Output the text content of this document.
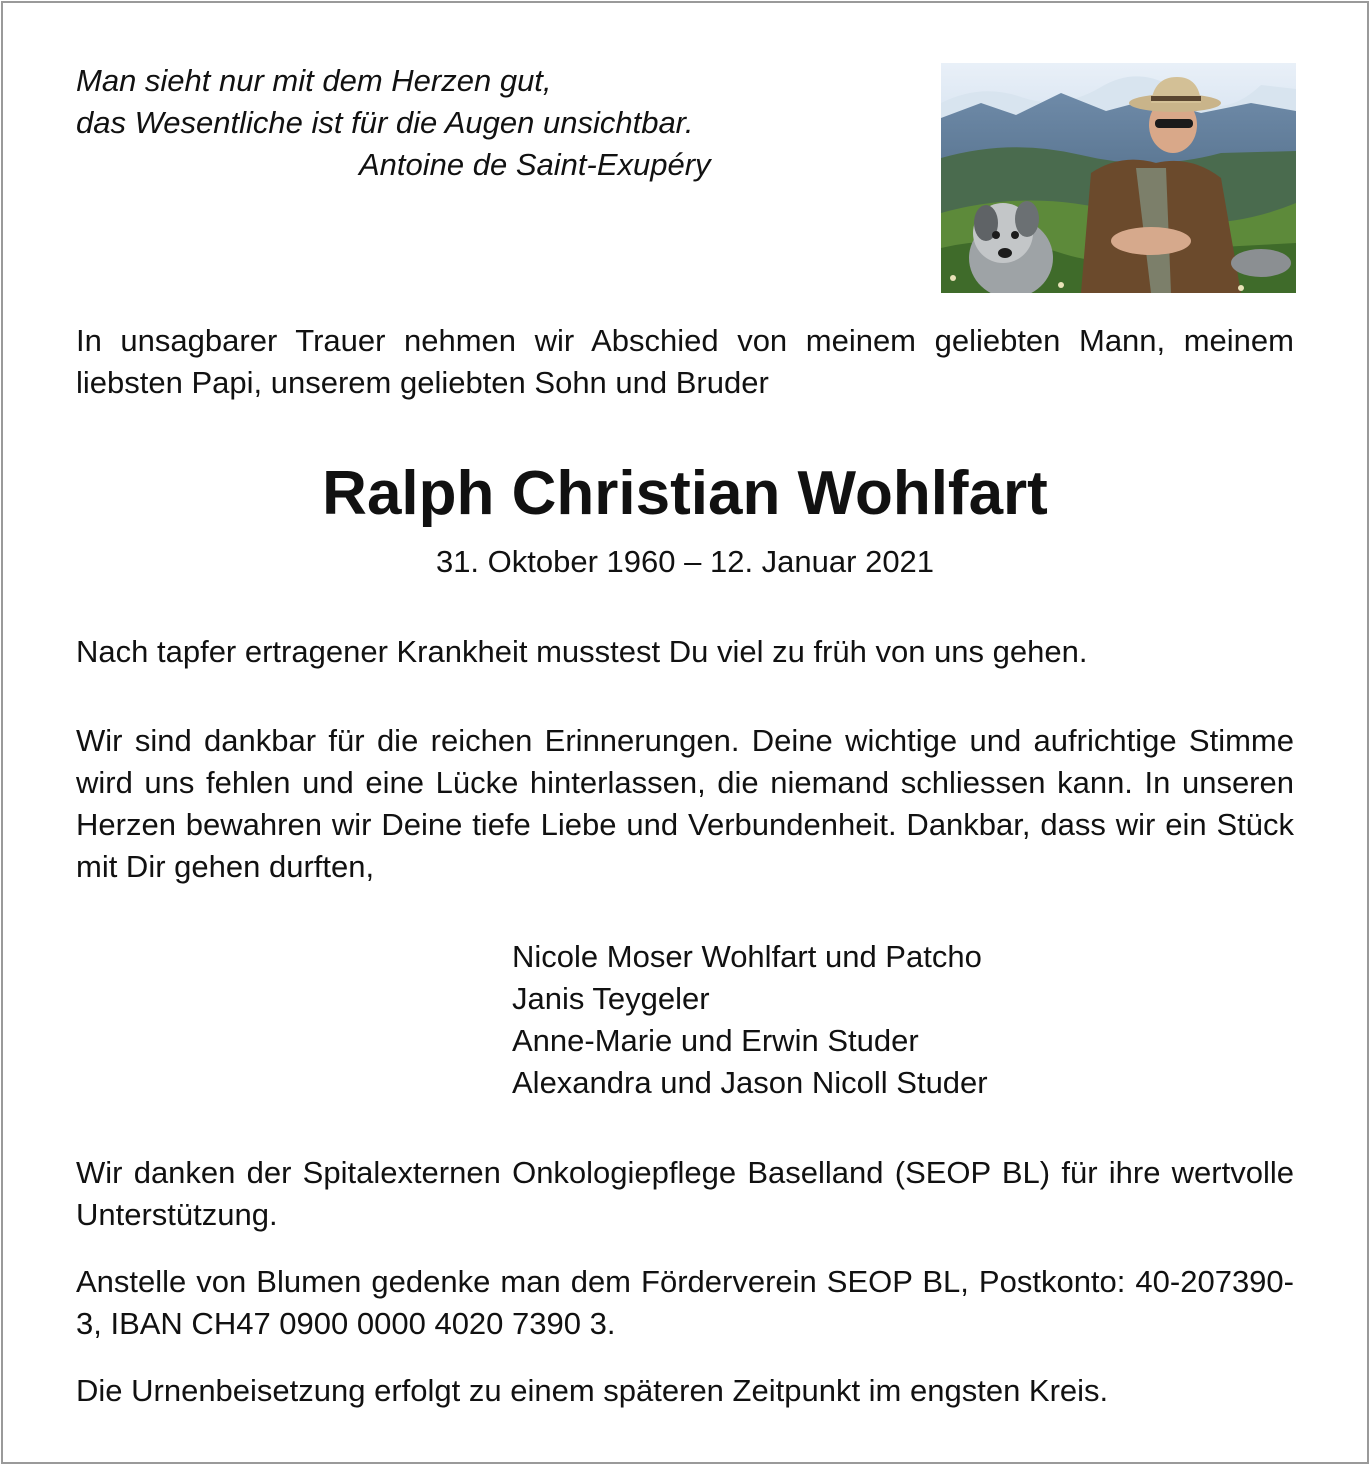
Man sieht nur mit dem Herzen gut,
das Wesentliche ist für die Augen unsichtbar.
Antoine de Saint-Exupéry
In unsagbarer Trauer nehmen wir Abschied von meinem geliebten Mann, meinem liebsten Papi, unserem geliebten Sohn und Bruder
Ralph Christian Wohlfart
31. Oktober 1960 – 12. Januar 2021
Nach tapfer ertragener Krankheit musstest Du viel zu früh von uns gehen.
Wir sind dankbar für die reichen Erinnerungen. Deine wichtige und aufrichtige Stimme wird uns fehlen und eine Lücke hinterlassen, die niemand schliessen kann. In unseren Herzen bewahren wir Deine tiefe Liebe und Verbundenheit. Dankbar, dass wir ein Stück mit Dir gehen durften,
Nicole Moser Wohlfart und Patcho
Janis Teygeler
Anne-Marie und Erwin Studer
Alexandra und Jason Nicoll Studer
Wir danken der Spitalexternen Onkologiepflege Baselland (SEOP BL) für ihre wertvolle Unterstützung.
Anstelle von Blumen gedenke man dem Förderverein SEOP BL, Postkonto: 40-207390-3, IBAN CH47 0900 0000 4020 7390 3.
Die Urnenbeisetzung erfolgt zu einem späteren Zeitpunkt im engsten Kreis.
